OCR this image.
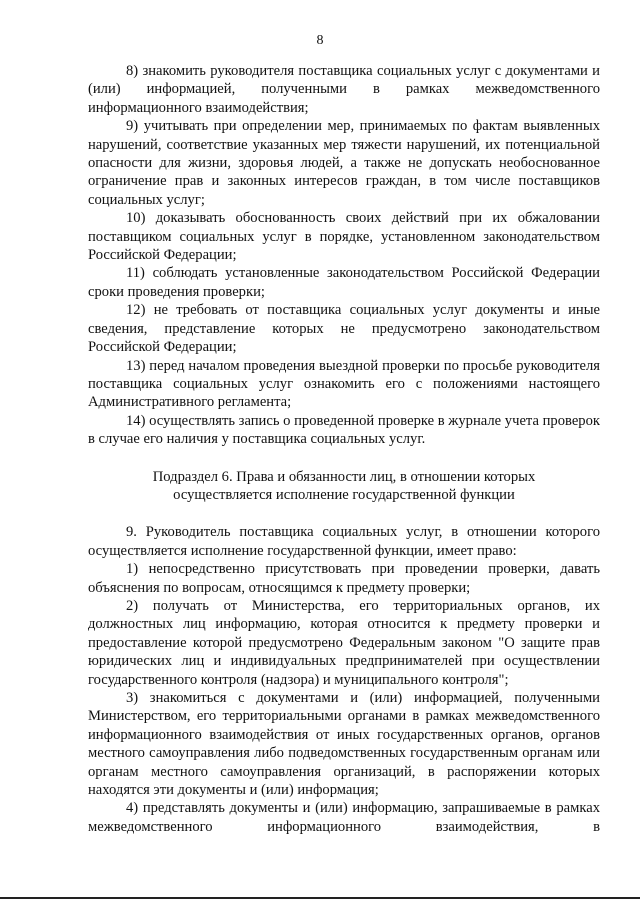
8

8) знакомить руководителя поставщика социальных услуг с документами и (или) информацией, полученными в рамках межведомственного информационного взаимодействия;

9) учитывать при определении мер, принимаемых по фактам выявленных нарушений, соответствие указанных мер тяжести нарушений, их потенциальной опасности для жизни, здоровья людей, а также не допускать необоснованное ограничение прав и законных интересов граждан, в том числе поставщиков социальных услуг;

10) доказывать обоснованность своих действий при их обжаловании поставщиком социальных услуг в порядке, установленном законодательством Российской Федерации;

11) соблюдать установленные законодательством Российской Федерации сроки проведения проверки;

12) не требовать от поставщика социальных услуг документы и иные сведения, представление которых не предусмотрено законодательством Российской Федерации;

13) перед началом проведения выездной проверки по просьбе руководителя поставщика социальных услуг ознакомить его с положениями настоящего Административного регламента;

14) осуществлять запись о проведенной проверке в журнале учета проверок в случае его наличия у поставщика социальных услуг.

Подраздел 6. Права и обязанности лиц, в отношении которых
осуществляется исполнение государственной функции

9. Руководитель поставщика социальных услуг, в отношении которого осуществляется исполнение государственной функции, имеет право:

1) непосредственно присутствовать при проведении проверки, давать объяснения по вопросам, относящимся к предмету проверки;

2) получать от Министерства, его территориальных органов, их должностных лиц информацию, которая относится к предмету проверки и предоставление которой предусмотрено Федеральным законом "О защите прав юридических лиц и индивидуальных предпринимателей при осуществлении государственного контроля (надзора) и муниципального контроля";

3) знакомиться с документами и (или) информацией, полученными Министерством, его территориальными органами в рамках межведомственного информационного взаимодействия от иных государственных органов, органов местного самоуправления либо подведомственных государственным органам или органам местного самоуправления организаций, в распоряжении которых находятся эти документы и (или) информация;

4) представлять документы и (или) информацию, запрашиваемые в рамках межведомственного информационного взаимодействия, в
